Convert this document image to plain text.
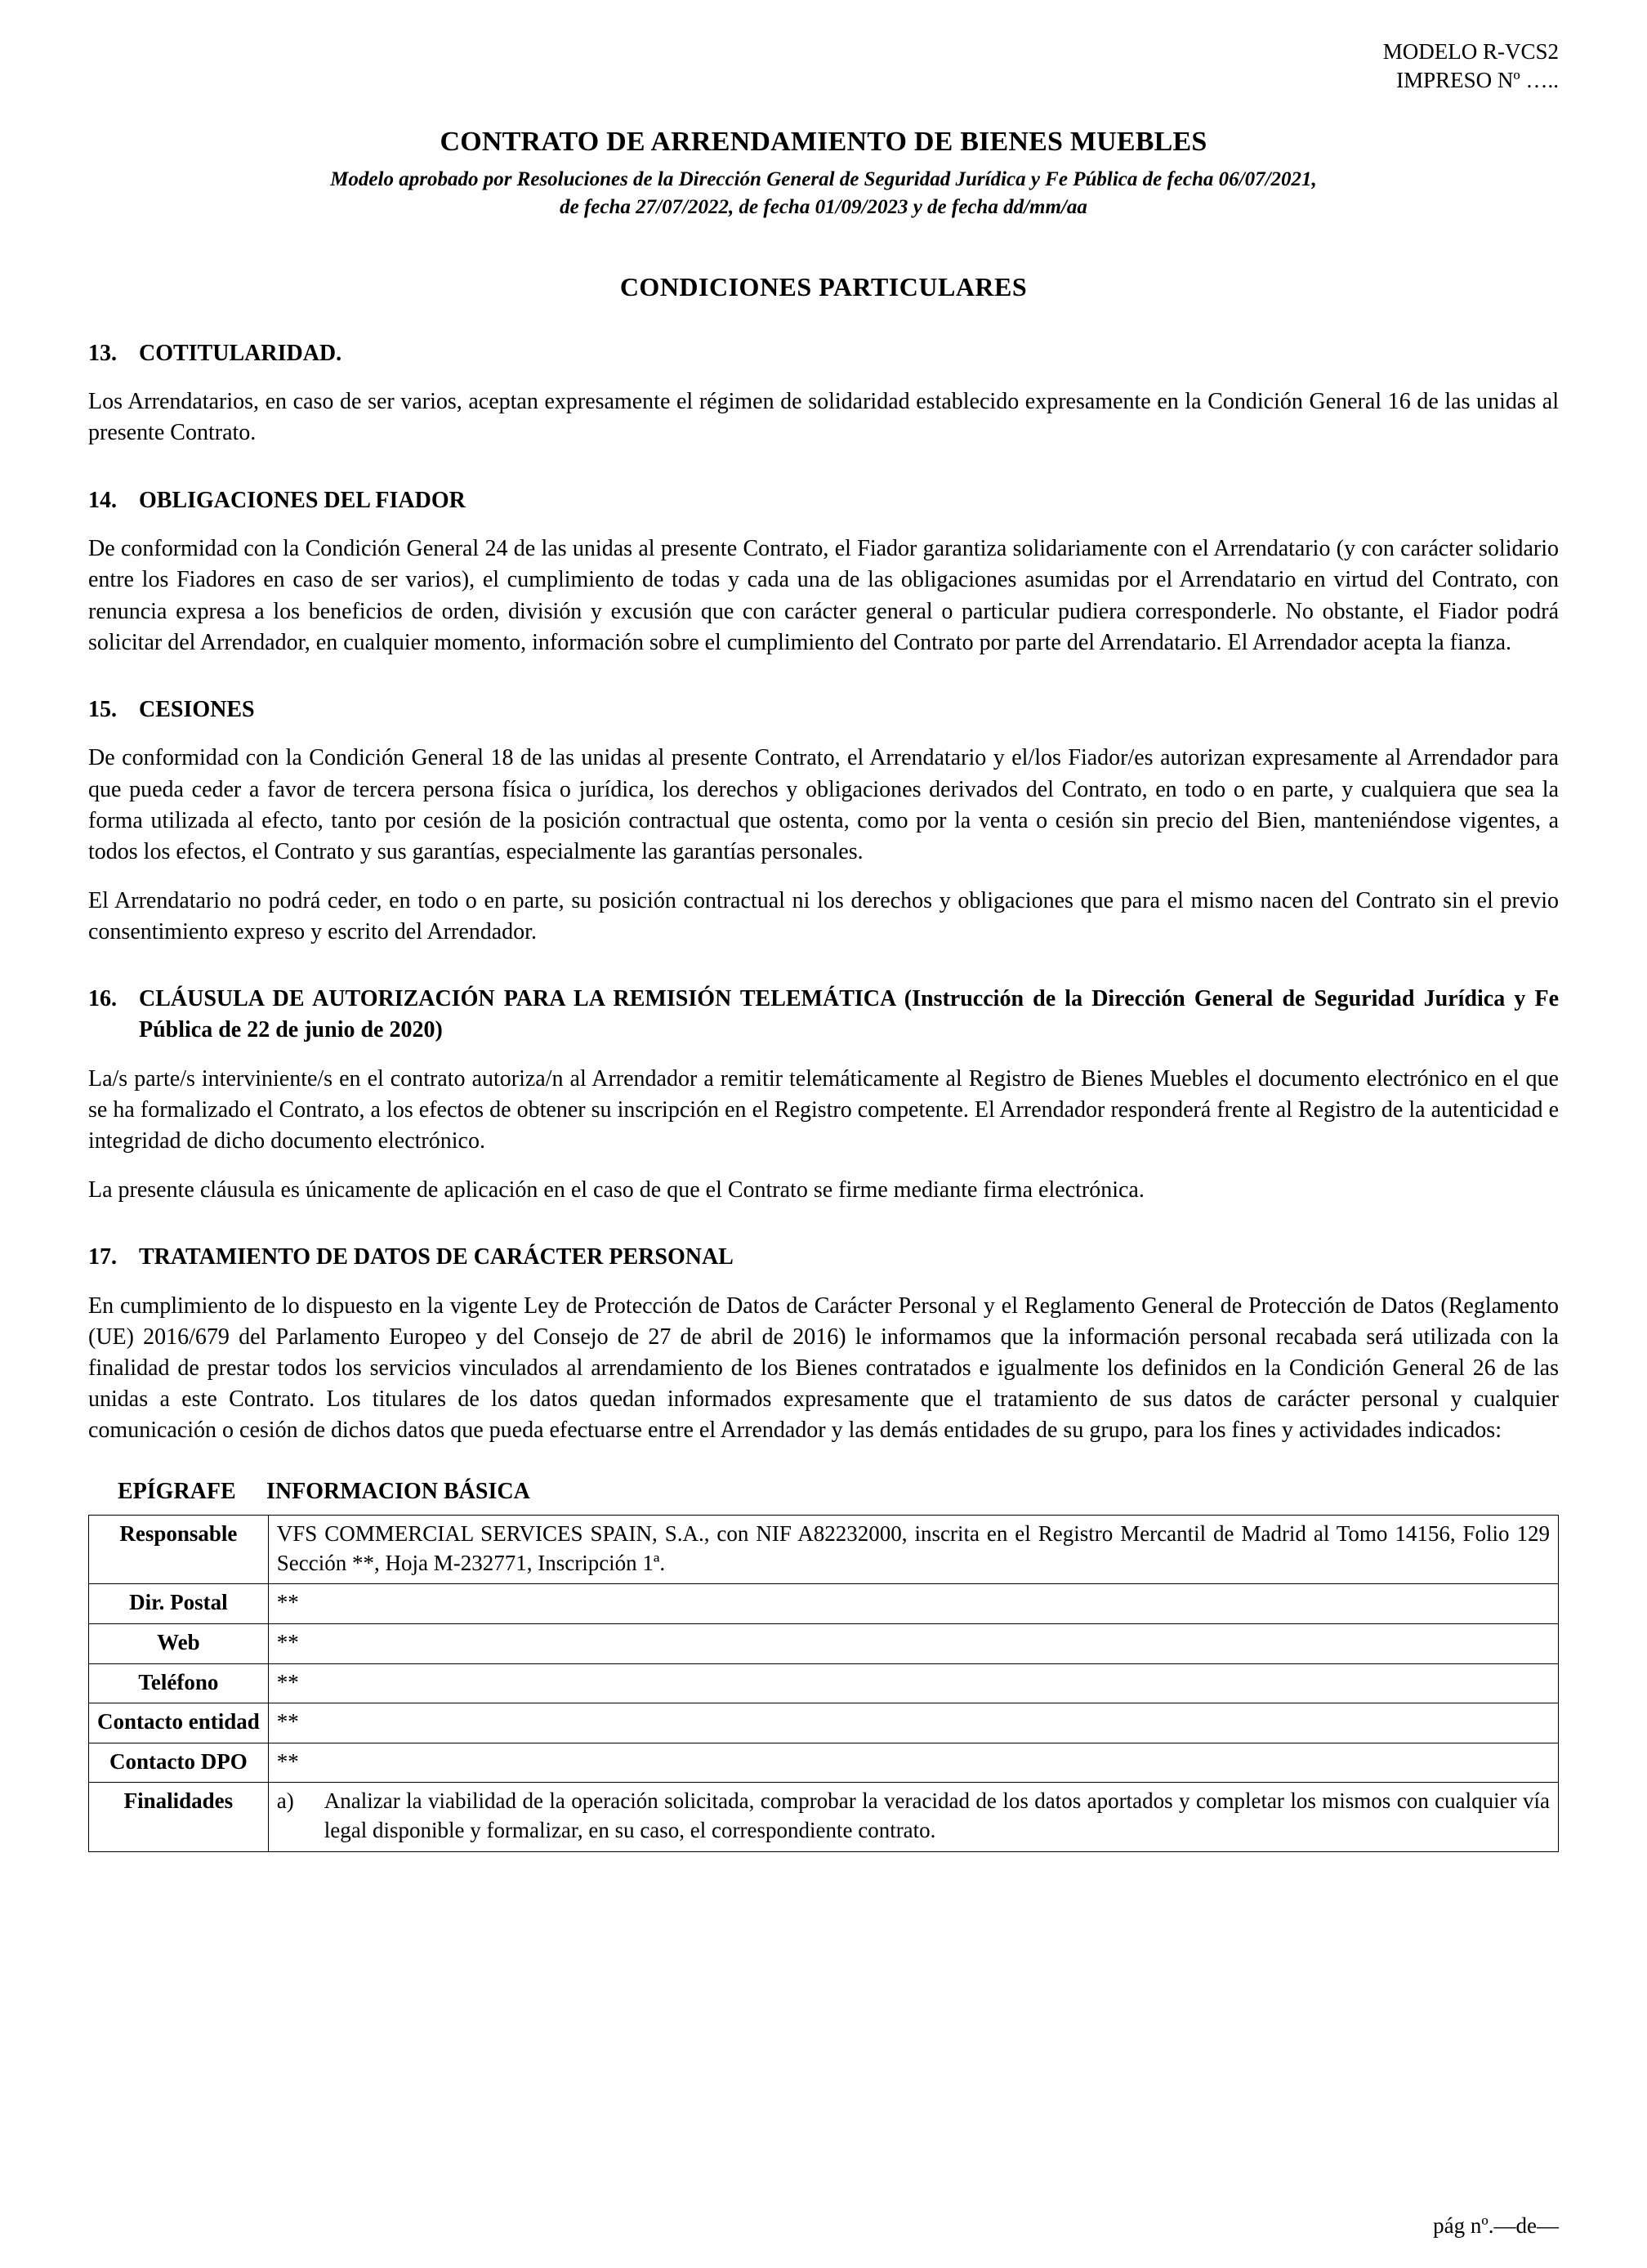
MODELO R-VCS2
IMPRESO Nº …..
CONTRATO DE ARRENDAMIENTO DE BIENES MUEBLES
Modelo aprobado por Resoluciones de la Dirección General de Seguridad Jurídica y Fe Pública de fecha 06/07/2021,
de fecha 27/07/2022, de fecha 01/09/2023 y de fecha dd/mm/aa
CONDICIONES PARTICULARES
13. COTITULARIDAD.

Los Arrendatarios, en caso de ser varios, aceptan expresamente el régimen de solidaridad establecido expresamente en la Condición General 16 de las unidas al presente Contrato.

14. OBLIGACIONES DEL FIADOR

De conformidad con la Condición General 24 de las unidas al presente Contrato, el Fiador garantiza solidariamente con el Arrendatario (y con carácter solidario entre los Fiadores en caso de ser varios), el cumplimiento de todas y cada una de las obligaciones asumidas por el Arrendatario en virtud del Contrato, con renuncia expresa a los beneficios de orden, división y excusión que con carácter general o particular pudiera corresponderle. No obstante, el Fiador podrá solicitar del Arrendador, en cualquier momento, información sobre el cumplimiento del Contrato por parte del Arrendatario. El Arrendador acepta la fianza.

15. CESIONES

De conformidad con la Condición General 18 de las unidas al presente Contrato, el Arrendatario y el/los Fiador/es autorizan expresamente al Arrendador para que pueda ceder a favor de tercera persona física o jurídica, los derechos y obligaciones derivados del Contrato, en todo o en parte, y cualquiera que sea la forma utilizada al efecto, tanto por cesión de la posición contractual que ostenta, como por la venta o cesión sin precio del Bien, manteniéndose vigentes, a todos los efectos, el Contrato y sus garantías, especialmente las garantías personales.

El Arrendatario no podrá ceder, en todo o en parte, su posición contractual ni los derechos y obligaciones que para el mismo nacen del Contrato sin el previo consentimiento expreso y escrito del Arrendador.

16. CLÁUSULA DE AUTORIZACIÓN PARA LA REMISIÓN TELEMÁTICA (Instrucción de la Dirección General de Seguridad Jurídica y Fe Pública de 22 de junio de 2020)

La/s parte/s interviniente/s en el contrato autoriza/n al Arrendador a remitir telemáticamente al Registro de Bienes Muebles el documento electrónico en el que se ha formalizado el Contrato, a los efectos de obtener su inscripción en el Registro competente. El Arrendador responderá frente al Registro de la autenticidad e integridad de dicho documento electrónico.

La presente cláusula es únicamente de aplicación en el caso de que el Contrato se firme mediante firma electrónica.

17. TRATAMIENTO DE DATOS DE CARÁCTER PERSONAL

En cumplimiento de lo dispuesto en la vigente Ley de Protección de Datos de Carácter Personal y el Reglamento General de Protección de Datos (Reglamento (UE) 2016/679 del Parlamento Europeo y del Consejo de 27 de abril de 2016) le informamos que la información personal recabada será utilizada con la finalidad de prestar todos los servicios vinculados al arrendamiento de los Bienes contratados e igualmente los definidos en la Condición General 26 de las unidas a este Contrato. Los titulares de los datos quedan informados expresamente que el tratamiento de sus datos de carácter personal y cualquier comunicación o cesión de dichos datos que pueda efectuarse entre el Arrendador y las demás entidades de su grupo, para los fines y actividades indicados:

EPÍGRAFE	INFORMACION BÁSICA
Responsable	VFS COMMERCIAL SERVICES SPAIN, S.A., con NIF A82232000, inscrita en el Registro Mercantil de Madrid al Tomo 14156, Folio 129 Sección **, Hoja M-232771, Inscripción 1ª.
Dir. Postal	**
Web	**
Teléfono	**
Contacto entidad	**
Contacto DPO	**
Finalidades	a) Analizar la viabilidad de la operación solicitada, comprobar la veracidad de los datos aportados y completar los mismos con cualquier vía legal disponible y formalizar, en su caso, el correspondiente contrato.
pág nº.—de—
